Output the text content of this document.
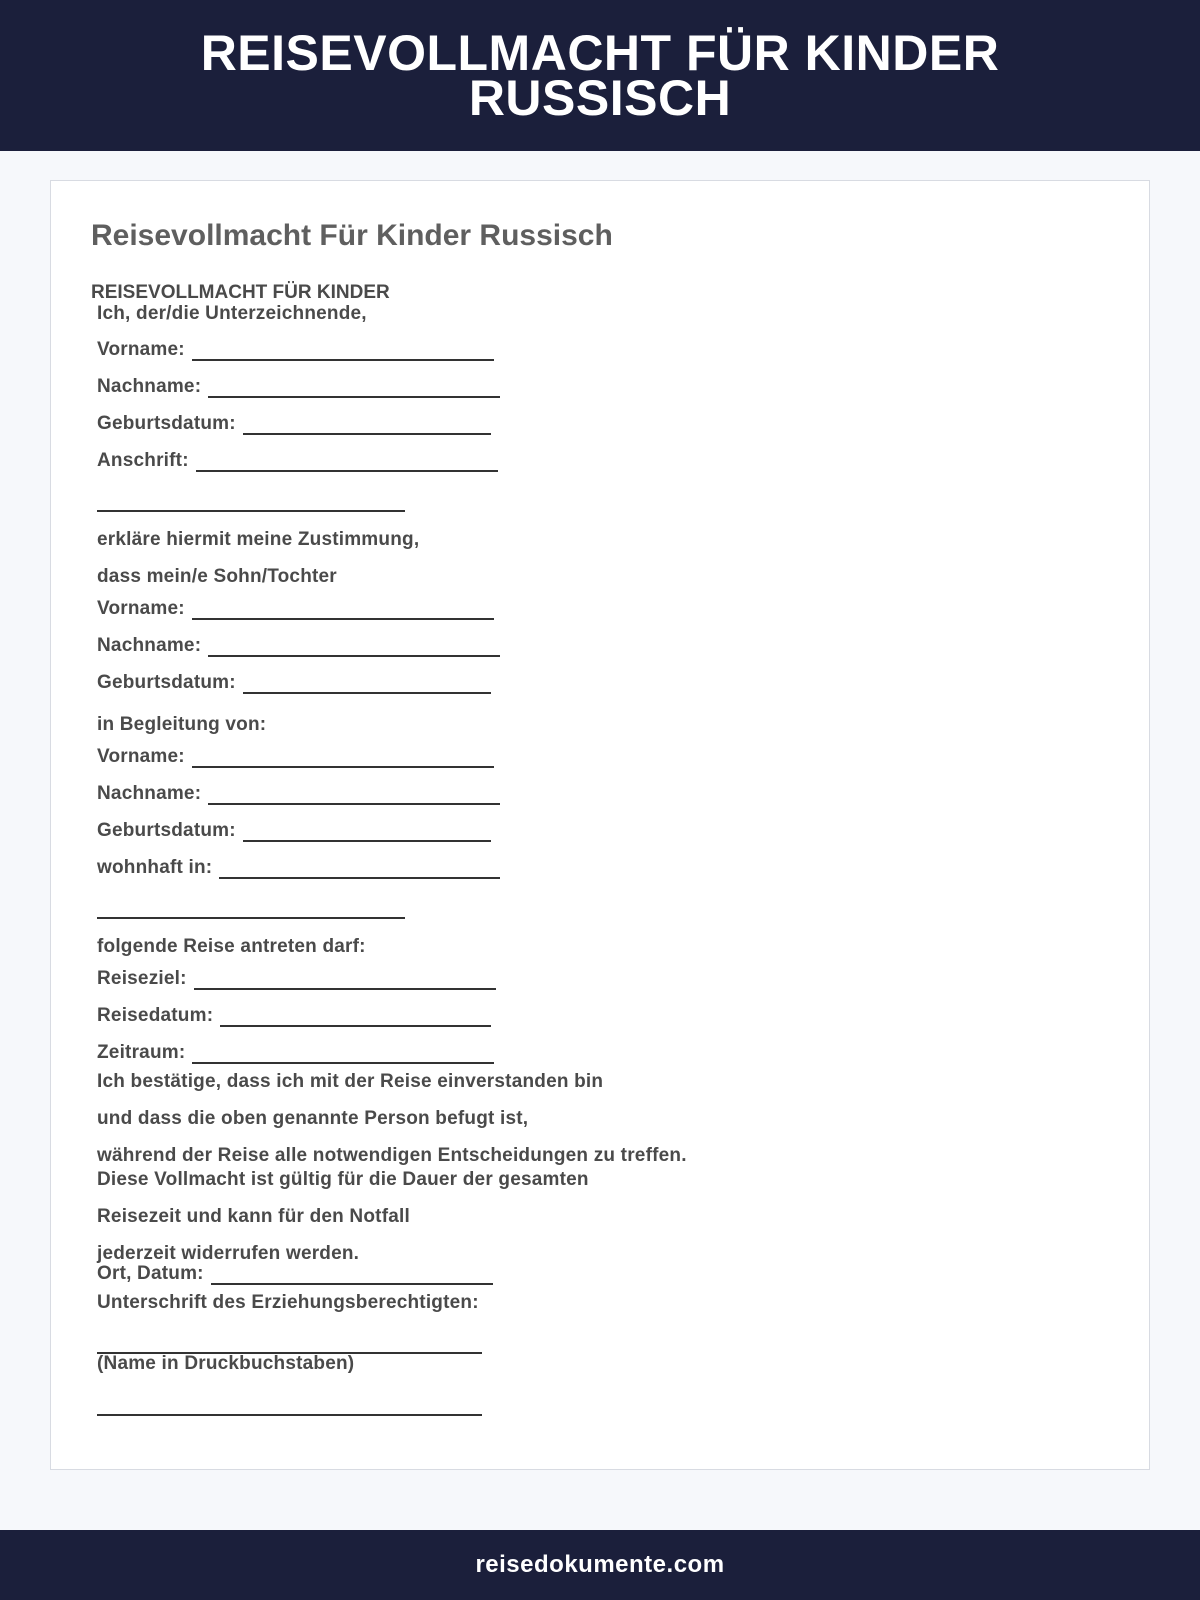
REISEVOLLMACHT FÜR KINDER
RUSSISCH
Reisevollmacht Für Kinder Russisch
REISEVOLLMACHT FÜR KINDER
Ich, der/die Unterzeichnende,
Vorname:
Nachname:
Geburtsdatum:
Anschrift:
erkläre hiermit meine Zustimmung,
dass mein/e Sohn/Tochter
Vorname:
Nachname:
Geburtsdatum:
in Begleitung von:
Vorname:
Nachname:
Geburtsdatum:
wohnhaft in:
folgende Reise antreten darf:
Reiseziel:
Reisedatum:
Zeitraum:
Ich bestätige, dass ich mit der Reise einverstanden bin
und dass die oben genannte Person befugt ist,
während der Reise alle notwendigen Entscheidungen zu treffen.
Diese Vollmacht ist gültig für die Dauer der gesamten
Reisezeit und kann für den Notfall
jederzeit widerrufen werden.
Ort, Datum:
Unterschrift des Erziehungsberechtigten:
(Name in Druckbuchstaben)
reisedokumente.com
